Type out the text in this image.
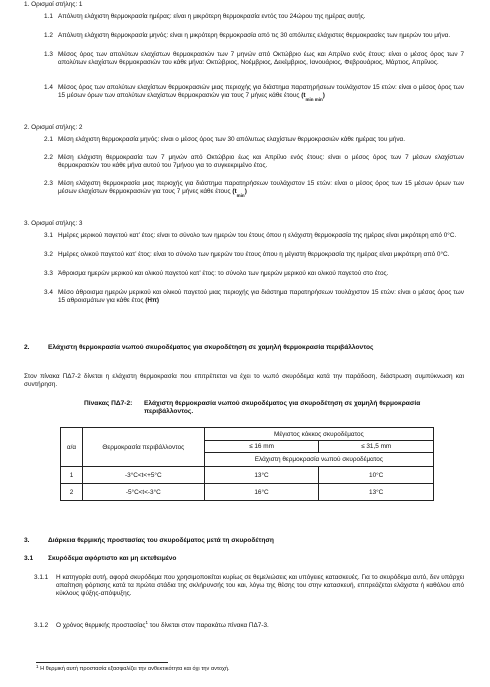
1. Ορισμοί στήλης: 1
1.1 Απόλυτη ελάχιστη θερμοκρασία ημέρας: είναι η μικρότερη θερμοκρασία εντός του 24ώρου της ημέρας αυτής.
1.2 Απόλυτη ελάχιστη θερμοκρασία μηνός: είναι η μικρότερη θερμοκρασία από τις 30 απόλυτες ελάχιστες θερμοκρασίες των ημερών του μήνα.
1.3 Μέσος όρος των απολύτων ελαχίστων θερμοκρασιών των 7 μηνών από Οκτώβριο έως και Απρίλιο ενός έτους: είναι ο μέσος όρος των 7 απολύτων ελαχίστων θερμοκρασιών του κάθε μήνα: Οκτώβριος, Νοέμβριος, Δεκέμβριος, Ιανουάριος, Φεβρουάριος, Μάρτιος, Απρίλιος.
1.4 Μέσος όρος των απολύτων ελαχίστων θερμοκρασιών μιας περιοχής για διάστημα παρατηρήσεων τουλάχιστον 15 ετών: είναι ο μέσος όρος των 15 μέσων όρων των απολύτων ελαχίστων θερμοκρασιών για τους 7 μήνες κάθε έτους (tmin min)
2. Ορισμοί στήλης: 2
2.1 Μέση ελάχιστη θερμοκρασία μηνός: είναι ο μέσος όρος των 30 απόλυτως ελαχίστων θερμοκρασιών κάθε ημέρας του μήνα.
2.2 Μέση ελάχιστη θερμοκρασία των 7 μηνών από Οκτώβριο έως και Απρίλιο ενός έτους: είναι ο μέσος όρος των 7 μέσων ελαχίστων θερμοκρασιών του κάθε μήνα αυτού του 7μήνου για το συγκεκριμένο έτος.
2.3 Μέση ελάχιστη θερμοκρασία μιας περιοχής για διάστημα παρατηρήσεων τουλάχιστον 15 ετών: είναι ο μέσος όρος των 15 μέσων όρων των μέσων ελαχίστων θερμοκρασιών για τους 7 μήνες κάθε έτους (tmin)
3. Ορισμοί στήλης: 3
3.1 Ημέρες μερικού παγετού κατ’ έτος: είναι το σύνολο των ημερών του έτους όπου η ελάχιστη θερμοκρασία της ημέρας είναι μικρότερη από 0°C.
3.2 Ημέρες ολικού παγετού κατ’ έτος: είναι το σύνολο των ημερών του έτους όπου η μέγιστη θερμοκρασία της ημέρας είναι μικρότερη από 0°C.
3.3 Άθροισμα ημερών μερικού και ολικού παγετού κατ’ έτος: το σύνολο των ημερών μερικού και ολικού παγετού στο έτος.
3.4 Μέσο άθροισμα ημερών μερικού και ολικού παγετού μιας περιοχής για διάστημα παρατηρήσεων τουλάχιστον 15 ετών: είναι ο μέσος όρος των 15 αθροισμάτων για κάθε έτος (Ηπ)
2.	Ελάχιστη θερμοκρασία νωπού σκυροδέματος για σκυροδέτηση σε χαμηλή θερμοκρασία περιβάλλοντος
Στον πίνακα ΠΔ7-2 δίνεται η ελάχιστη θερμοκρασία που επιτρέπεται να έχει το νωπό σκυρόδεμα κατά την παράδοση, διάστρωση συμπύκνωση και συντήρηση.
Πίνακας ΠΔ7-2: Ελάχιστη θερμοκρασία νωπού σκυροδέματος για σκυροδέτηση σε χαμηλή θερμοκρασία περιβάλλοντος.
α/α	Θερμοκρασία περιβάλλοντος	Μέγιστος κόκκος σκυροδέματος	
		≤ 16 mm	≤ 31,5 mm
		Ελάχιστη θερμοκρασία νωπού σκυροδέματος	
1	-3°C<t<+5°C	13°C	10°C
2	-5°C<t<-3°C	16°C	13°C
3.	Διάρκεια θερμικής προστασίας του σκυροδέματος μετά τη σκυροδέτηση
3.1 Σκυρόδεμα αφόρτιστο και μη εκτεθειμένο
3.1.1 Η κατηγορία αυτή, αφορά σκυρόδεμα που χρησιμοποιείται κυρίως σε θεμελιώσεις και υπόγειες κατασκευές. Για το σκυρόδεμα αυτό, δεν υπάρχει απαίτηση φόρτισης κατά τα πρώτα στάδια της σκλήρυνσής του και, λόγω της θέσης του στην κατασκευή, επιτρεάζεται ελάχιστα ή καθόλου από κύκλους ψύξης-απόψυξης.
3.1.2 Ο χρόνος θερμικής προστασίας$^1$ του δίνεται στον παρακάτω πίνακα ΠΔ7-3.
$^1$ Η θερμική αυτή προστασία εξασφαλίζει την ανθεκτικότητα και όχι την αντοχή.
